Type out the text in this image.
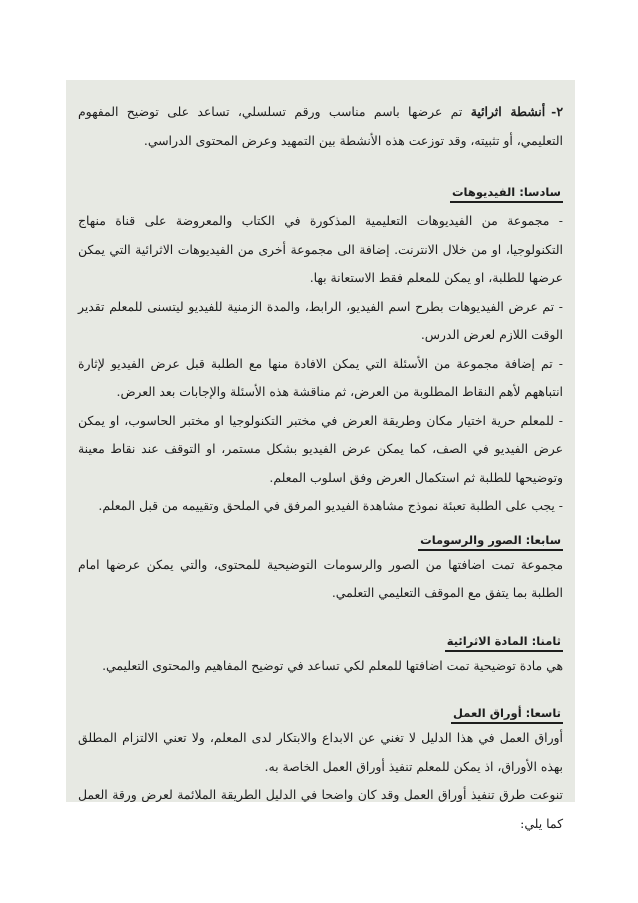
٢-أنشطة اثرائية تم عرضها باسم مناسب ورقم تسلسلي، تساعد على توضيح المفهوم التعليمي، أو تثبيته، وقد توزعت هذه الأنشطة بين التمهيد وعرض المحتوى الدراسي.

سادسا: الفيديوهات

- مجموعة من الفيديوهات التعليمية المذكورة في الكتاب والمعروضة على قناة منهاج التكنولوجيا، او من خلال الانترنت. إضافة الى مجموعة أخرى من الفيديوهات الاثرائية التي يمكن عرضها للطلبة، او يمكن للمعلم فقط الاستعانة بها.

- تم عرض الفيديوهات بطرح اسم الفيديو، الرابط، والمدة الزمنية للفيديو ليتسنى للمعلم تقدير الوقت اللازم لعرض الدرس.

- تم إضافة مجموعة من الأسئلة التي يمكن الافادة منها مع الطلبة قبل عرض الفيديو لإثارة انتباههم لأهم النقاط المطلوبة من العرض، ثم مناقشة هذه الأسئلة والإجابات بعد العرض.

- للمعلم حرية اختيار مكان وطريقة العرض في مختبر التكنولوجيا او مختبر الحاسوب، او يمكن عرض الفيديو في الصف، كما يمكن عرض الفيديو بشكل مستمر، او التوقف عند نقاط معينة وتوضيحها للطلبة ثم استكمال العرض وفق اسلوب المعلم.

- يجب على الطلبة تعبئة نموذج مشاهدة الفيديو المرفق في الملحق وتقييمه من قبل المعلم.

سابعا: الصور والرسومات

مجموعة تمت اضافتها من الصور والرسومات التوضيحية للمحتوى، والتي يمكن عرضها امام الطلبة بما يتفق مع الموقف التعليمي التعلمي.

ثامنا: المادة الاثرائية

هي مادة توضيحية تمت اضافتها للمعلم لكي تساعد في توضيح المفاهيم والمحتوى التعليمي.

تاسعا: أوراق العمل

أوراق العمل في هذا الدليل لا تغني عن الابداع والابتكار لدى المعلم، ولا تعني الالتزام المطلق بهذه الأوراق، اذ يمكن للمعلم تنفيذ أوراق العمل الخاصة به.

تنوعت طرق تنفيذ أوراق العمل وقد كان واضحا في الدليل الطريقة الملائمة لعرض ورقة العمل كما يلي:
